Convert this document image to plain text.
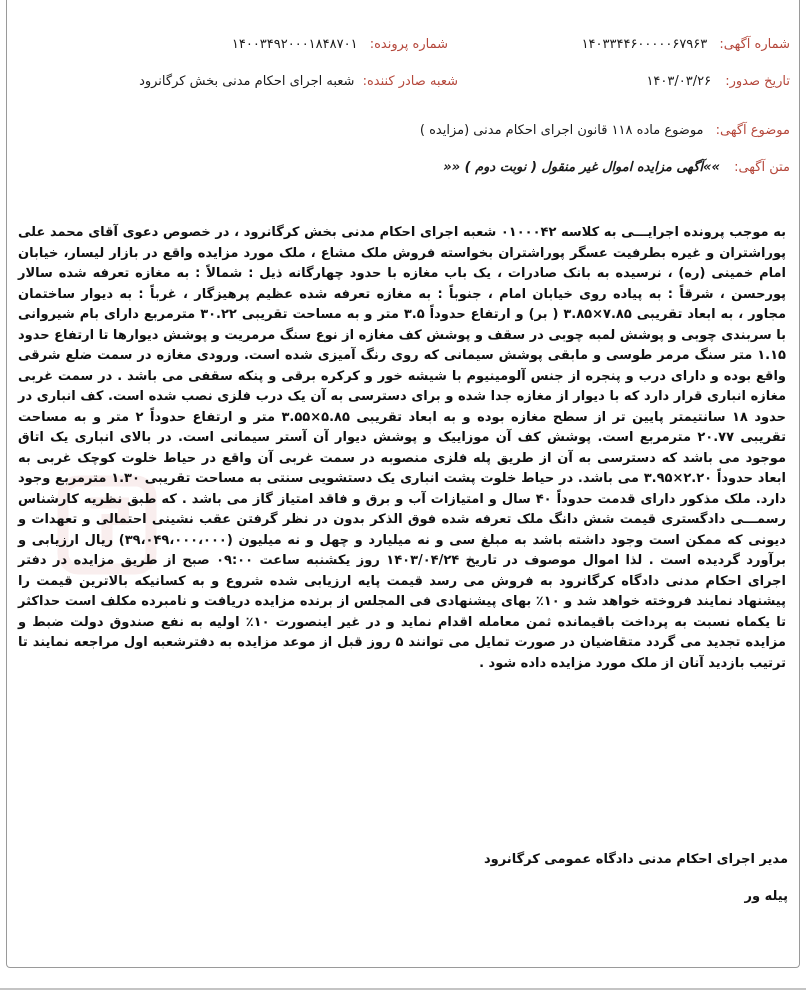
شماره آگهی: ۱۴۰۳۳۴۴۶۰۰۰۰۰۶۷۹۶۳
شماره پرونده: ۱۴۰۰۳۴۹۲۰۰۰۱۸۴۸۷۰۱
تاریخ صدور: ۱۴۰۳/۰۳/۲۶
شعبه صادر کننده: شعبه اجرای احکام مدنی بخش کرگانرود
موضوع آگهی: موضوع ماده ۱۱۸ قانون اجرای احکام مدنی (مزایده )
متن آگهی: »»آگهی مزایده اموال غیر منقول ( نوبت دوم ) ««
به موجب پرونده اجرایـــی به کلاسه ۰۱۰۰۰۴۲ شعبه اجرای احکام مدنی بخش کرگانرود ، در خصوص دعوی آقای محمد علی پوراشتران و غیره بطرفیت عسگر پوراشتران بخواسته فروش ملک مشاع ، ملک مورد مزایده واقع در بازار لیسار، خیابان امام خمینی (ره) ، نرسیده به بانک صادرات ، یک باب مغازه با حدود چهارگانه ذیل : شمالاً : به مغازه تعرفه شده سالار پورحسن ، شرقاً : به پیاده روی خیابان امام ، جنوباً : به مغازه تعرفه شده عظیم پرهیزگار ، غرباً : به دیوار ساختمان مجاور ، به ابعاد تقریبی ۷.۸۵×۳.۸۵ ( بر) و ارتفاع حدوداً ۳.۵ متر و به مساحت تقریبی ۳۰.۲۲ مترمربع دارای بام شیروانی با سربندی چوبی و پوشش لمبه چوبی در سقف و پوشش کف مغازه از نوع سنگ مرمریت و پوشش دیوارها تا ارتفاع حدود ۱.۱۵ متر سنگ مرمر طوسی و مابقی پوشش سیمانی که روی رنگ آمیزی شده است. ورودی مغازه در سمت ضلع شرقی واقع بوده و دارای درب و پنجره از جنس آلومینیوم با شیشه خور و کرکره برقی و پنکه سقفی می باشد . در سمت غربی مغازه انباری قرار دارد که با دیوار از مغازه جدا شده و برای دسترسی به آن یک درب فلزی نصب شده است. کف انباری در حدود ۱۸ سانتیمتر پایین تر از سطح مغازه بوده و به ابعاد تقریبی ۵.۸۵×۳.۵۵ متر و ارتفاع حدوداً ۲ متر و به مساحت تقریبی ۲۰.۷۷ مترمربع است. پوشش کف آن موزاییک و پوشش دیوار آن آستر سیمانی است. در بالای انباری یک اتاق موجود می باشد که دسترسی به آن از طریق پله فلزی منصوبه در سمت غربی آن واقع در حیاط خلوت کوچک غربی به ابعاد حدوداً ۲.۲۰×۳.۹۵ می باشد. در حیاط خلوت پشت انباری یک دستشویی سنتی به مساحت تقریبی ۱.۳۰ مترمربع وجود دارد. ملک مذکور دارای قدمت حدوداً ۴۰ سال و امتیازات آب و برق و فاقد امتیاز گاز می باشد . که طبق نظریه کارشناس رسمـــی دادگستری قیمت شش دانگ ملک تعرفه شده فوق الذکر بدون در نظر گرفتن عقب نشینی احتمالی و تعهدات و دیونی که ممکن است وجود داشته باشد به مبلغ سی و نه میلیارد و چهل و نه میلیون (۳۹،۰۴۹،۰۰۰،۰۰۰) ریال ارزیابی و برآورد گردیده است . لذا اموال موصوف در تاریخ ۱۴۰۳/۰۴/۲۴ روز یکشنبه ساعت ۰۹:۰۰ صبح از طریق مزایده در دفتر اجرای احکام مدنی دادگاه کرگانرود به فروش می رسد قیمت پایه ارزیابی شده شروع و به کسانیکه بالاترین قیمت را پیشنهاد نمایند فروخته خواهد شد و ۱۰٪ بهای پیشنهادی فی المجلس از برنده مزایده دریافت و نامبرده مکلف است حداکثر تا یکماه نسبت به پرداخت باقیمانده ثمن معامله اقدام نماید و در غیر اینصورت ۱۰٪ اولیه به نفع صندوق دولت ضبط و مزایده تجدید می گردد متقاضیان در صورت تمایل می توانند ۵ روز قبل از موعد مزایده به دفترشعبه اول مراجعه نمایند تا ترتیب بازدید آنان از ملک مورد مزایده داده شود .
مدیر اجرای احکام مدنی دادگاه عمومی کرگانرود
پیله ور
